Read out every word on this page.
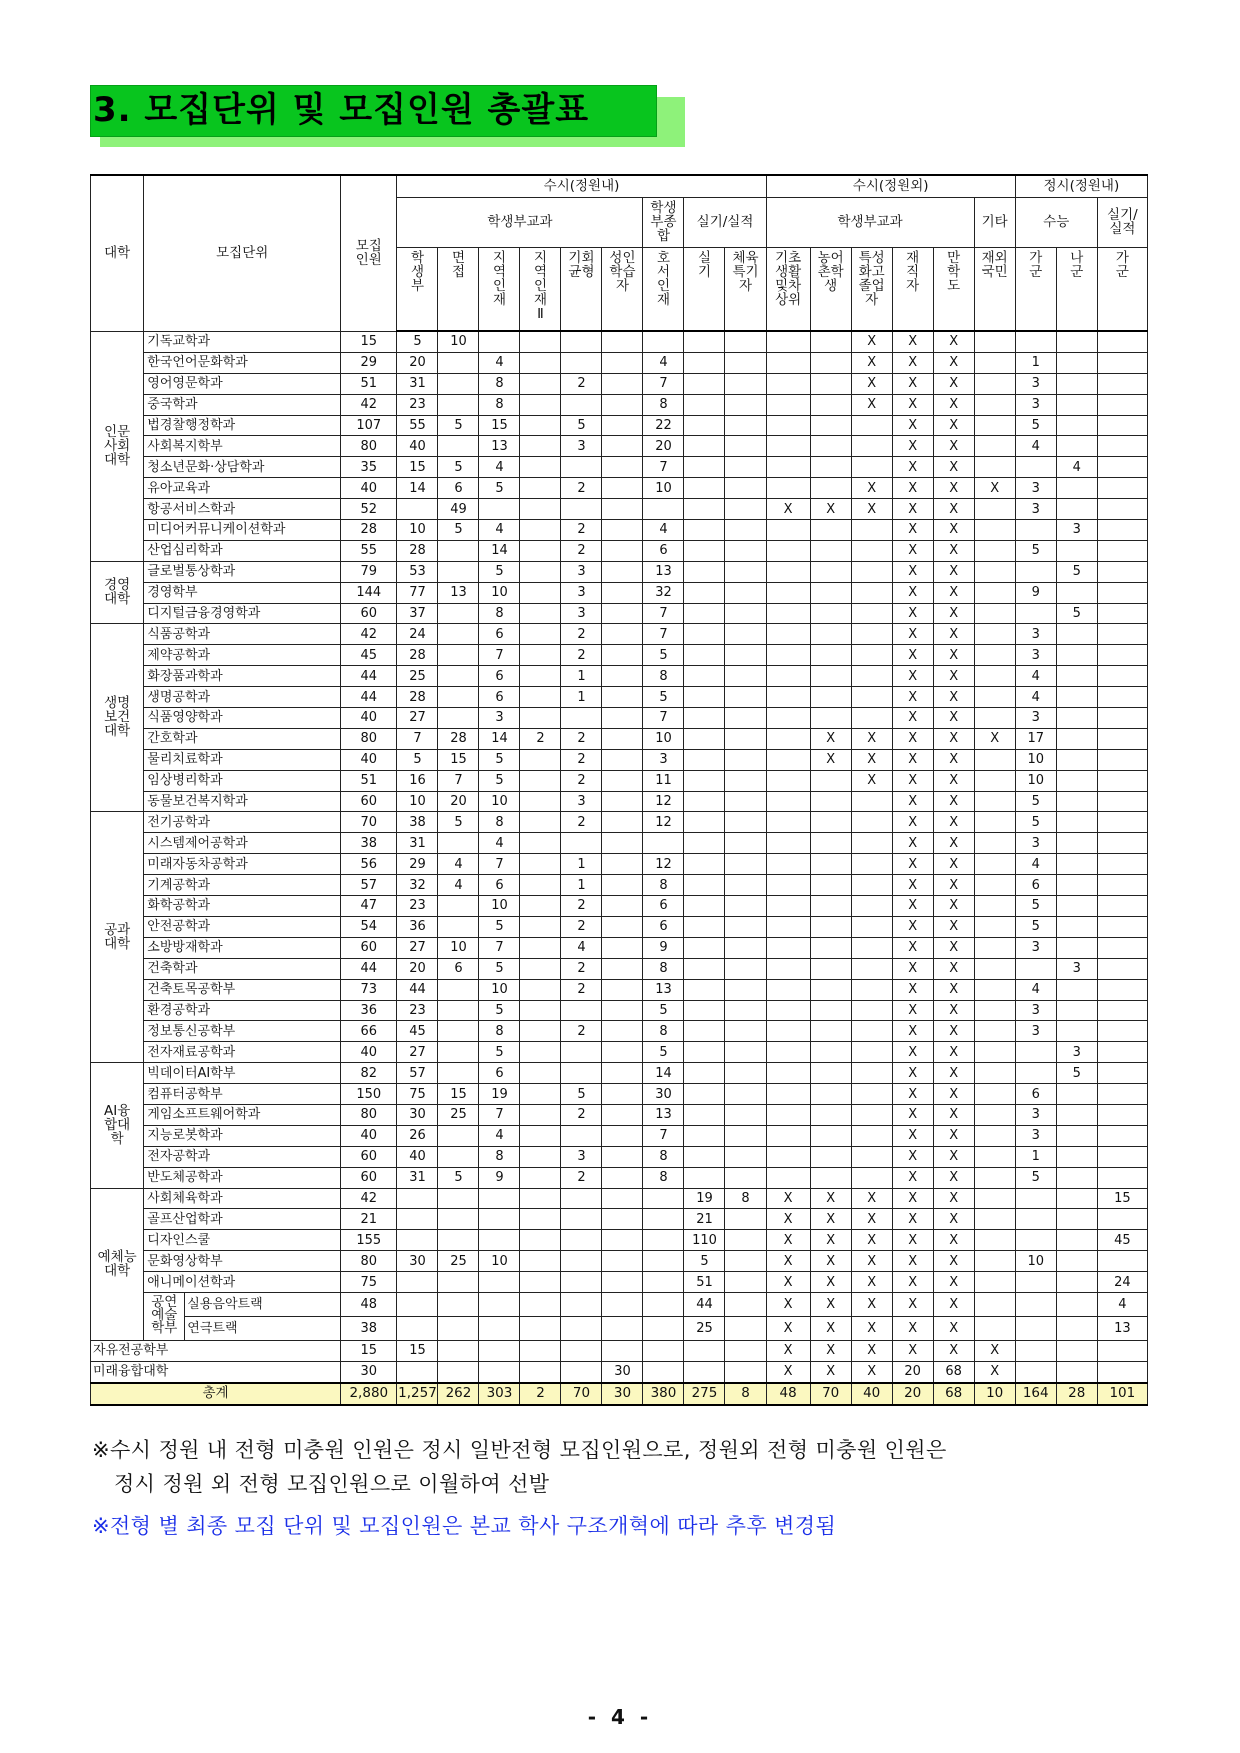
3. 모집단위 및 모집인원 총괄표
대학	모집단위		모집인원	수시(정원내)									수시(정원외)						정시(정원내)		
				학생부교과						학생부종합	실기/실적		학생부교과					기타	수능		실기/실적
				학생부	면접	지역인재	지역인재Ⅱ	기회균형	성인학습자	호서인재	실기	체육특기자	기초생활및차상위	농어촌학생	특성화고졸업자	재직자	만학도	재외국민	가군	나군	가군
인문사회대학	기독교학과		15	5	10										X	X	X				
	한국언어문화학과		29	20		4				4					X	X	X		1		
	영어영문학과		51	31		8		2		7					X	X	X		3		
	중국학과		42	23		8				8					X	X	X		3		
	법경찰행정학과		107	55	5	15		5		22						X	X		5		
	사회복지학부		80	40		13		3		20						X	X		4		
	청소년문화·상담학과		35	15	5	4				7						X	X			4	
	유아교육과		40	14	6	5		2		10					X	X	X	X	3		
	항공서비스학과		52		49								X	X	X	X	X		3		
	미디어커뮤니케이션학과		28	10	5	4		2		4						X	X			3	
	산업심리학과		55	28		14		2		6						X	X		5		
경영대학	글로벌통상학과		79	53		5		3		13						X	X			5	
	경영학부		144	77	13	10		3		32						X	X		9		
	디지털금융경영학과		60	37		8		3		7						X	X			5	
생명보건대학	식품공학과		42	24		6		2		7						X	X		3		
	제약공학과		45	28		7		2		5						X	X		3		
	화장품과학과		44	25		6		1		8						X	X		4		
	생명공학과		44	28		6		1		5						X	X		4		
	식품영양학과		40	27		3				7						X	X		3		
	간호학과		80	7	28	14	2	2		10				X	X	X	X	X	17		
	물리치료학과		40	5	15	5		2		3				X	X	X	X		10		
	임상병리학과		51	16	7	5		2		11					X	X	X		10		
	동물보건복지학과		60	10	20	10		3		12						X	X		5		
공과대학	전기공학과		70	38	5	8		2		12						X	X		5		
	시스템제어공학과		38	31		4										X	X		3		
	미래자동차공학과		56	29	4	7		1		12						X	X		4		
	기계공학과		57	32	4	6		1		8						X	X		6		
	화학공학과		47	23		10		2		6						X	X		5		
	안전공학과		54	36		5		2		6						X	X		5		
	소방방재학과		60	27	10	7		4		9						X	X		3		
	건축학과		44	20	6	5		2		8						X	X			3	
	건축토목공학부		73	44		10		2		13						X	X		4		
	환경공학과		36	23		5				5						X	X		3		
	정보통신공학부		66	45		8		2		8						X	X		3		
	전자재료공학과		40	27		5				5						X	X			3	
AI융합대학	빅데이터AI학부		82	57		6				14						X	X			5	
	컴퓨터공학부		150	75	15	19		5		30						X	X		6		
	게임소프트웨어학과		80	30	25	7		2		13						X	X		3		
	지능로봇학과		40	26		4				7						X	X		3		
	전자공학과		60	40		8		3		8						X	X		1		
	반도체공학과		60	31	5	9		2		8						X	X		5		
예체능대학	사회체육학과		42								19	8	X	X	X	X	X				15
	골프산업학과		21								21		X	X	X	X	X				
	디자인스쿨		155								110		X	X	X	X	X				45
	문화영상학부		80	30	25	10					5		X	X	X	X	X		10		
	애니메이션학과		75								51		X	X	X	X	X				24
	공연예술학부	실용음악트랙	48								44		X	X	X	X	X				4
		연극트랙	38								25		X	X	X	X	X				13
자유전공학부			15	15									X	X	X	X	X	X			
미래융합대학			30						30				X	X	X	20	68	X			
총계			2,880	1,257	262	303	2	70	30	380	275	8	48	70	40	20	68	10	164	28	101
※수시 정원 내 전형 미충원 인원은 정시 일반전형 모집인원으로, 정원외 전형 미충원 인원은
정시 정원 외 전형 모집인원으로 이월하여 선발
※전형 별 최종 모집 단위 및 모집인원은 본교 학사 구조개혁에 따라 추후 변경됨
- 4 -
